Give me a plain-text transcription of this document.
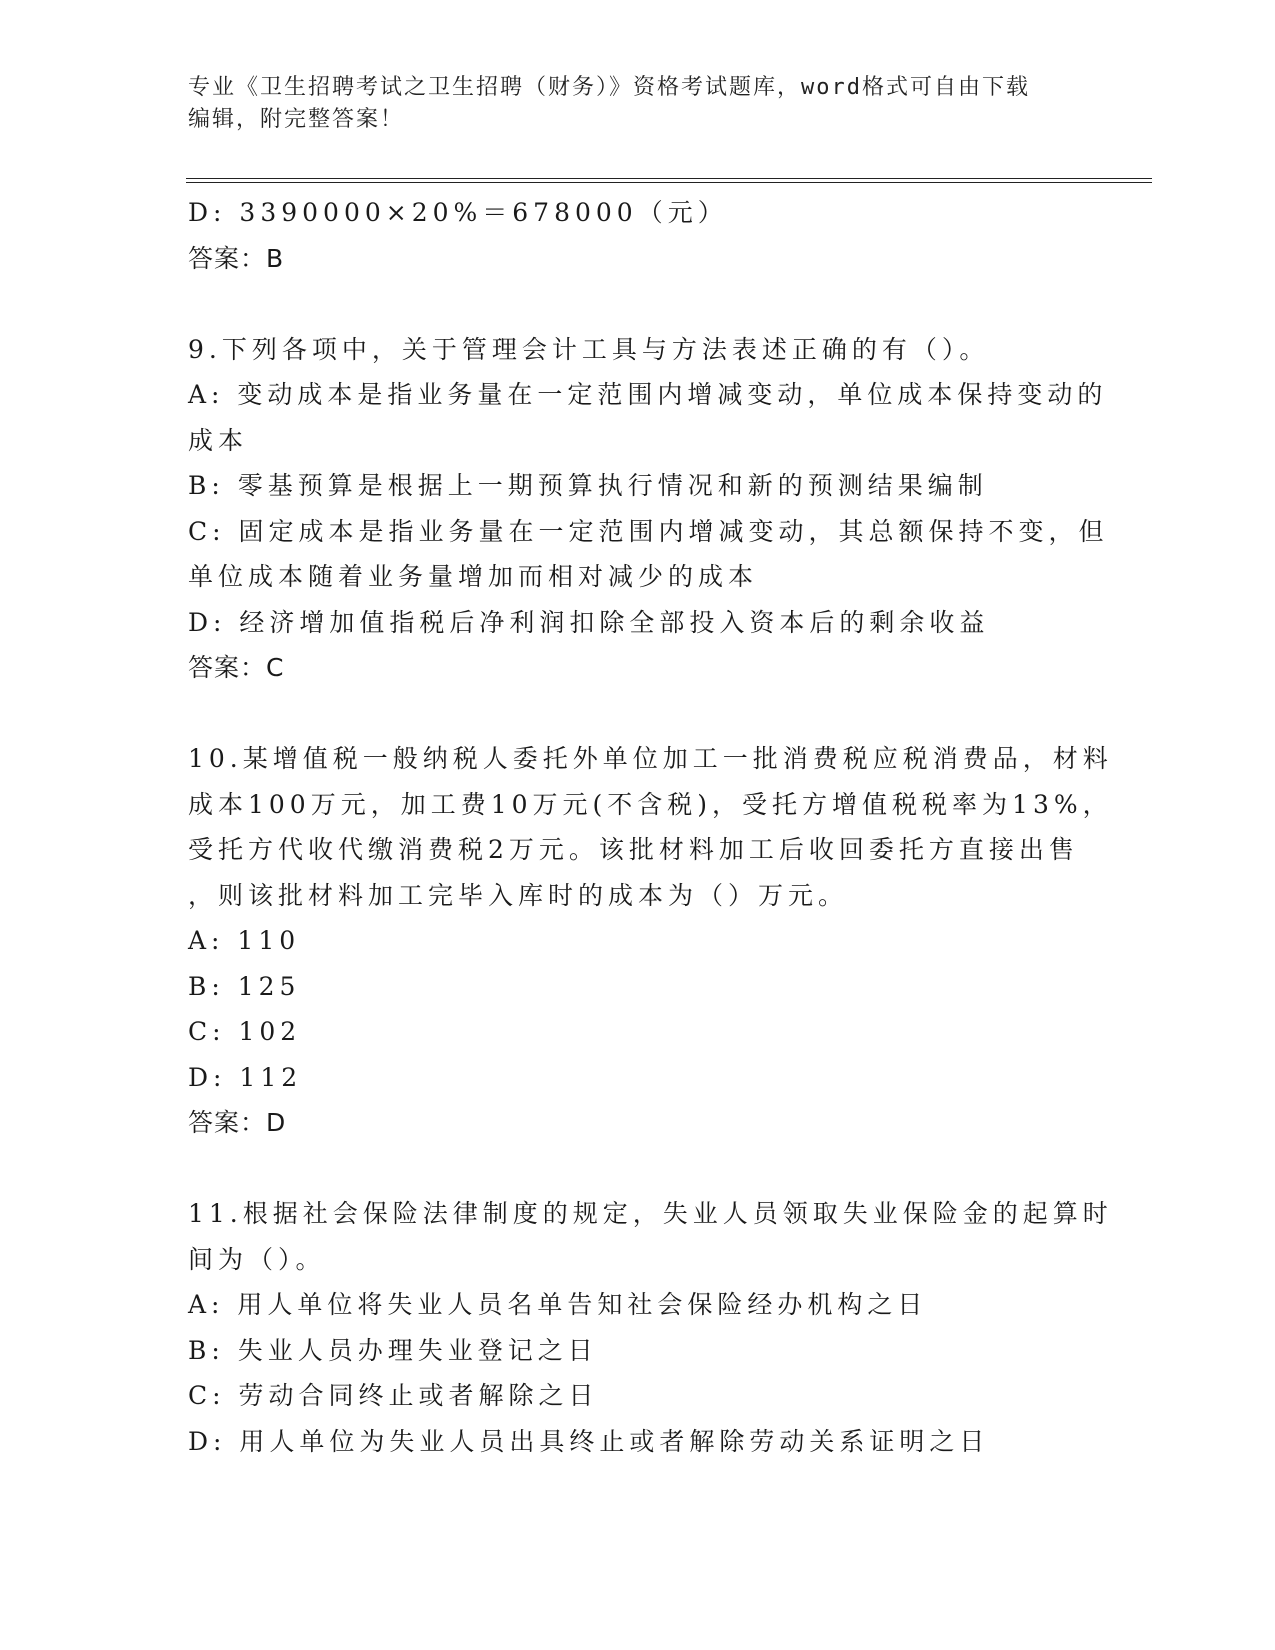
专业《卫生招聘考试之卫生招聘（财务）》资格考试题库，word格式可自由下载
编辑，附完整答案！

D: 3390000×20%＝678000（元）

答案：B

9.下列各项中，关于管理会计工具与方法表述正确的有（）。

A: 变动成本是指业务量在一定范围内增减变动，单位成本保持变动的

成本

B: 零基预算是根据上一期预算执行情况和新的预测结果编制

C: 固定成本是指业务量在一定范围内增减变动，其总额保持不变，但

单位成本随着业务量增加而相对减少的成本

D: 经济增加值指税后净利润扣除全部投入资本后的剩余收益

答案：C

10.某增值税一般纳税人委托外单位加工一批消费税应税消费品，材料

成本100万元，加工费10万元(不含税)，受托方增值税税率为13%，

受托方代收代缴消费税2万元。该批材料加工后收回委托方直接出售

，则该批材料加工完毕入库时的成本为（）万元。

A: 110

B: 125

C: 102

D: 112

答案：D

11.根据社会保险法律制度的规定，失业人员领取失业保险金的起算时

间为（）。

A: 用人单位将失业人员名单告知社会保险经办机构之日

B: 失业人员办理失业登记之日

C: 劳动合同终止或者解除之日

D: 用人单位为失业人员出具终止或者解除劳动关系证明之日
